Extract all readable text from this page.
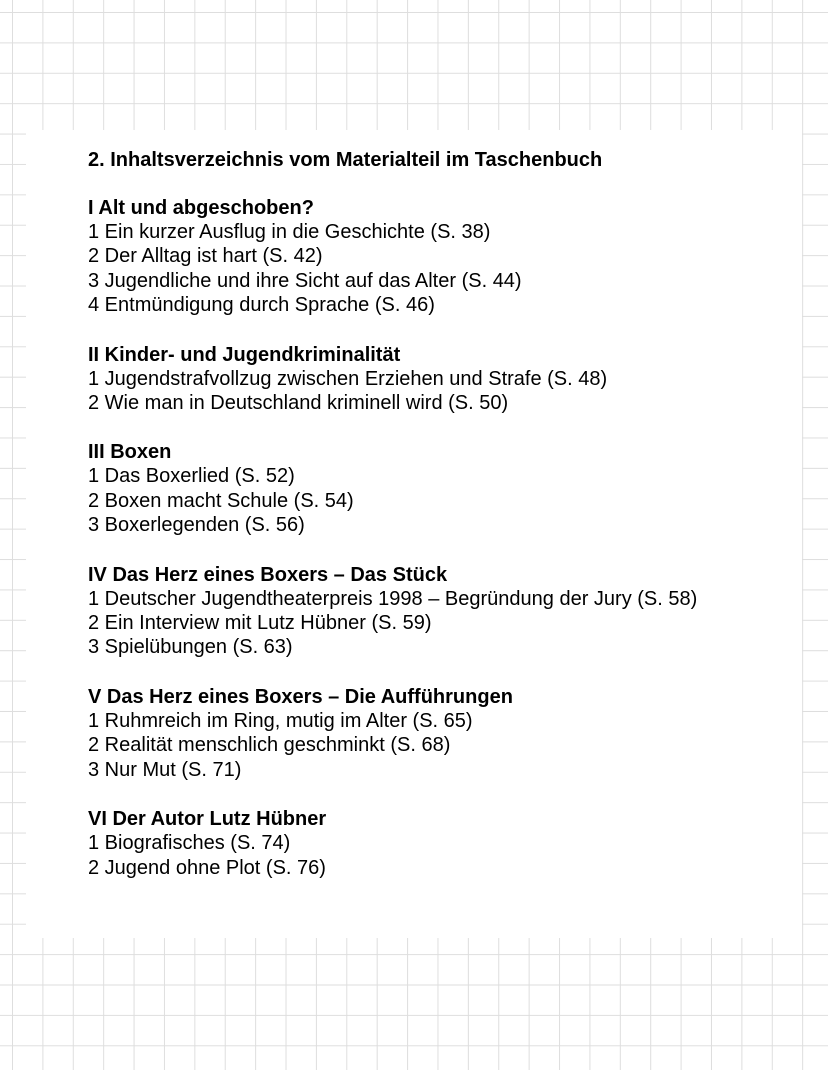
2. Inhaltsverzeichnis vom Materialteil im Taschenbuch
I Alt und abgeschoben?
1 Ein kurzer Ausflug in die Geschichte (S. 38)
2 Der Alltag ist hart (S. 42)
3 Jugendliche und ihre Sicht auf das Alter (S. 44)
4 Entmündigung durch Sprache (S. 46)
II Kinder- und Jugendkriminalität
1 Jugendstrafvollzug zwischen Erziehen und Strafe (S. 48)
2 Wie man in Deutschland kriminell wird (S. 50)
III Boxen
1 Das Boxerlied (S. 52)
2 Boxen macht Schule (S. 54)
3 Boxerlegenden (S. 56)
IV Das Herz eines Boxers – Das Stück
1 Deutscher Jugendtheaterpreis 1998 – Begründung der Jury (S. 58)
2 Ein Interview mit Lutz Hübner (S. 59)
3 Spielübungen (S. 63)
V Das Herz eines Boxers – Die Aufführungen
1 Ruhmreich im Ring, mutig im Alter (S. 65)
2 Realität menschlich geschminkt (S. 68)
3 Nur Mut (S. 71)
VI Der Autor Lutz Hübner
1 Biografisches (S. 74)
2 Jugend ohne Plot (S. 76)
